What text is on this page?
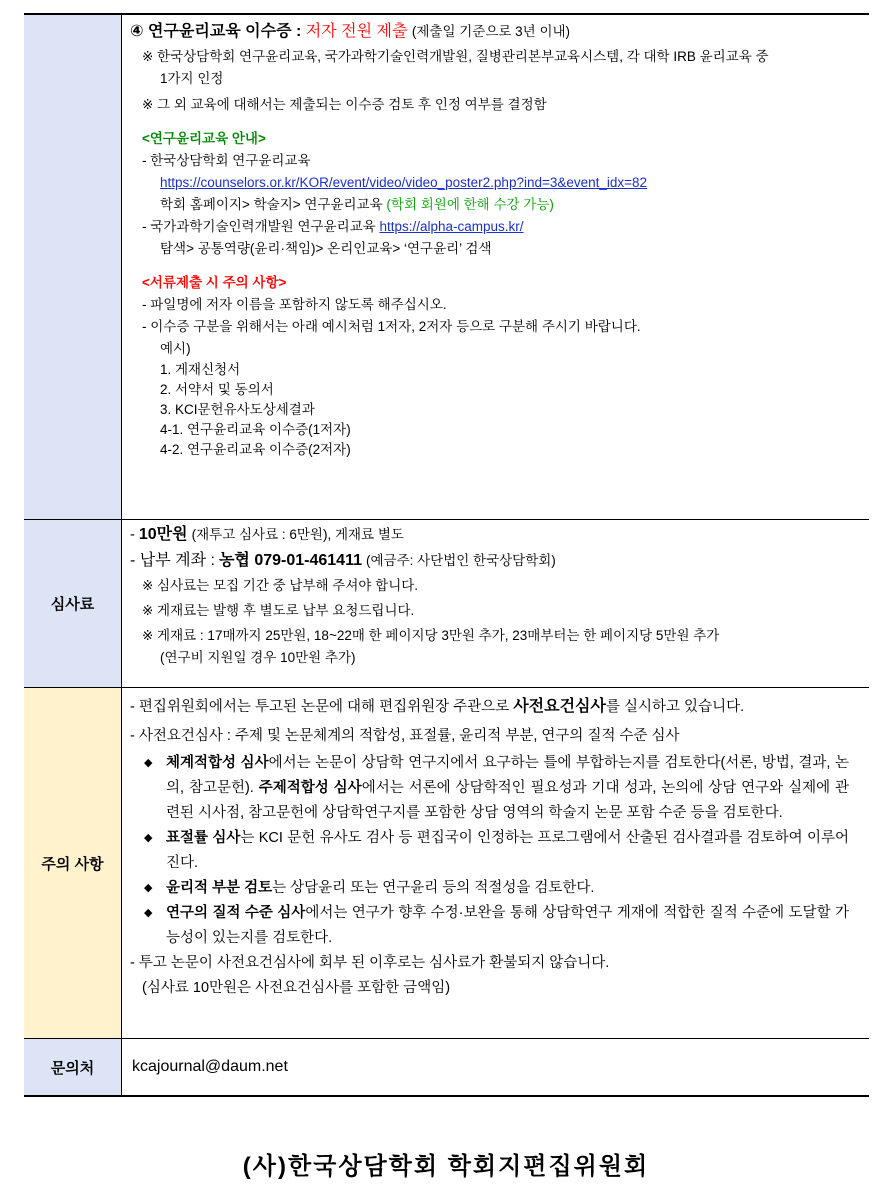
④ 연구윤리교육 이수증 : 저자 전원 제출 (제출일 기준으로 3년 이내)
※ 한국상담학회 연구윤리교육, 국가과학기술인력개발원, 질병관리본부교육시스템, 각 대학 IRB 윤리교육 중
1가지 인정
※ 그 외 교육에 대해서는 제출되는 이수증 검토 후 인정 여부를 결정함
<연구윤리교육 안내>
- 한국상담학회 연구윤리교육
https://counselors.or.kr/KOR/event/video/video_poster2.php?ind=3&event_idx=82
학회 홈페이지> 학술지> 연구윤리교육 (학회 회원에 한해 수강 가능)
- 국가과학기술인력개발원 연구윤리교육 https://alpha-campus.kr/
탐색> 공통역량(윤리·책임)> 온리인교육> ‘연구윤리’ 검색
<서류제출 시 주의 사항>
- 파일명에 저자 이름을 포함하지 않도록 해주십시오.
- 이수증 구분을 위해서는 아래 예시처럼 1저자, 2저자 등으로 구분해 주시기 바랍니다.
예시)
1. 게재신청서
2. 서약서 및 동의서
3. KCI문헌유사도상세결과
4-1. 연구윤리교육 이수증(1저자)
4-2. 연구윤리교육 이수증(2저자)
심사료
- 10만원 (재투고 심사료 : 6만원), 게재료 별도
- 납부 계좌 : 농협 079-01-461411 (예금주: 사단법인 한국상담학회)
※ 심사료는 모집 기간 중 납부해 주셔야 합니다.
※ 게재료는 발행 후 별도로 납부 요청드립니다.
※ 게재료 : 17매까지 25만원, 18~22매 한 페이지당 3만원 추가, 23매부터는 한 페이지당 5만원 추가
(연구비 지원일 경우 10만원 추가)
주의 사항
- 편집위원회에서는 투고된 논문에 대해 편집위원장 주관으로 사전요건심사를 실시하고 있습니다.
- 사전요건심사 : 주제 및 논문체계의 적합성, 표절률, 윤리적 부분, 연구의 질적 수준 심사
◆ 체계적합성 심사에서는 논문이 상담학 연구지에서 요구하는 틀에 부합하는지를 검토한다(서론, 방법, 결과, 논의, 참고문헌). 주제적합성 심사에서는 서론에 상담학적인 필요성과 기대 성과, 논의에 상담 연구와 실제에 관련된 시사점, 참고문헌에 상담학연구지를 포함한 상담 영역의 학술지 논문 포함 수준 등을 검토한다.
◆ 표절률 심사는 KCI 문헌 유사도 검사 등 편집국이 인정하는 프로그램에서 산출된 검사결과를 검토하여 이루어진다.
◆ 윤리적 부분 검토는 상담윤리 또는 연구윤리 등의 적절성을 검토한다.
◆ 연구의 질적 수준 심사에서는 연구가 향후 수정·보완을 통해 상담학연구 게재에 적합한 질적 수준에 도달할 가능성이 있는지를 검토한다.
- 투고 논문이 사전요건심사에 회부 된 이후로는 심사료가 환불되지 않습니다.
(심사료 10만원은 사전요건심사를 포함한 금액임)
문의처	kcajournal@daum.net
(사)한국상담학회 학회지편집위원회
